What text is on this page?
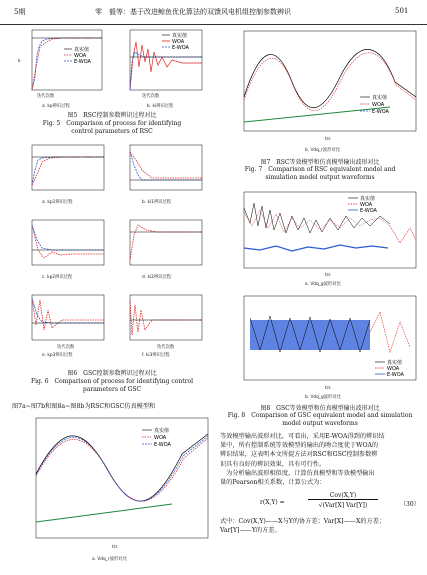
5期	零　毅等：基于改进鲸鱼优化算法的双馈风电机组控制参数辨识	501
真实值
WOA
E-WOA
k
迭代次数
真实值
WOA
E-WOA
迭代次数
a. kp辨识过程	b. ki辨识过程
图5　RSC控制参数辨识过程对比
Fig. 5　Comparison of process for identifying
control parameters of RSC
a. kp1辨识过程	b. ki1辨识过程
c. kp2辨识过程	d. ki2辨识过程
迭代次数	迭代次数
e. kp3辨识过程	f. ki3辨识过程
图6　GSC控制参数辨识过程对比
Fig. 6　Comparison of process for identifying control
parameters of GSC
图7a~图7b和图8a~图8b为RSC和GSC仿真模型和
真实值
WOA
E-WOA
t/s
a. Vdq_r波形对比
真实值
WOA
E-WOA
t/s
b. Vdq_r波形对比
图7　RSC等效模型和仿真模型输出波形对比
Fig. 7　Comparison of RSC equivalent model and
simulation model output waveforms
真实值
WOA
E-WOA
t/s
a. Vdq_g波形对比
真实值
WOA
E-WOA
t/s
b. Vdq_g波形对比
图8　GSC等效模型和仿真模型输出波形对比
Fig. 8　Comparison of GSC equivalent model and simulation
model output waveforms
等效模型输出波形对比，可看出，采用E-WOA得到的辨识结
果中，所有控制系统等效模型的输出的吻合度优于WOA的
辨识结果，这表明本文所提方法对RSC和GSC控制参数辨
识具有良好的辨识效果，具有可行性。
　为分析输出波形相似度，计算仿真模型和等效模型输出
量的Pearson相关系数，计算公式为：
r(X,Y) =
Cov(X,Y)
√(Var[X] Var[Y])	（30）
式中：Cov(X,Y)——X与Y的协方差；Var[X]——X的方差；
Var[Y]——Y的方差。
